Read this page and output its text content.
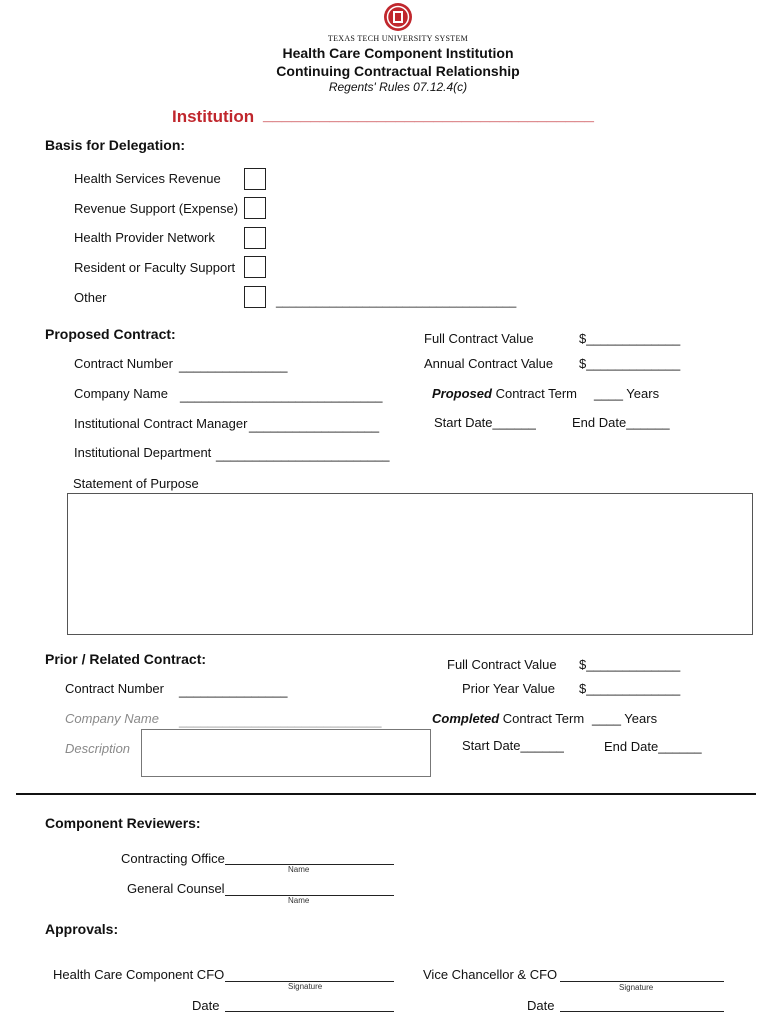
TEXAS TECH UNIVERSITY SYSTEM
Health Care Component Institution
Continuing Contractual Relationship
Regents' Rules 07.12.4(c)
Institution ___________________________________
Basis for Delegation:
Health Services Revenue
Revenue Support (Expense)
Health Provider Network
Resident or Faculty Support
Other	____________________________________
Proposed Contract:
Contract Number _______________
Company Name ____________________________
Institutional Contract Manager __________________
Institutional Department ________________________
Full Contract Value	$_____________
Annual Contract Value $_____________
Proposed Contract Term ____ Years
Start Date______	End Date______
Statement of Purpose
Prior / Related Contract:
Contract Number _______________
Company Name ____________________________
Description
Full Contract Value $_____________
Prior Year Value $_____________
Completed Contract Term ____ Years
Start Date______	End Date______
Component Reviewers:
Contracting Office
Name
General Counsel
Name
Approvals:
Health Care Component CFO
Signature
Date
Vice Chancellor & CFO
Signature
Date
